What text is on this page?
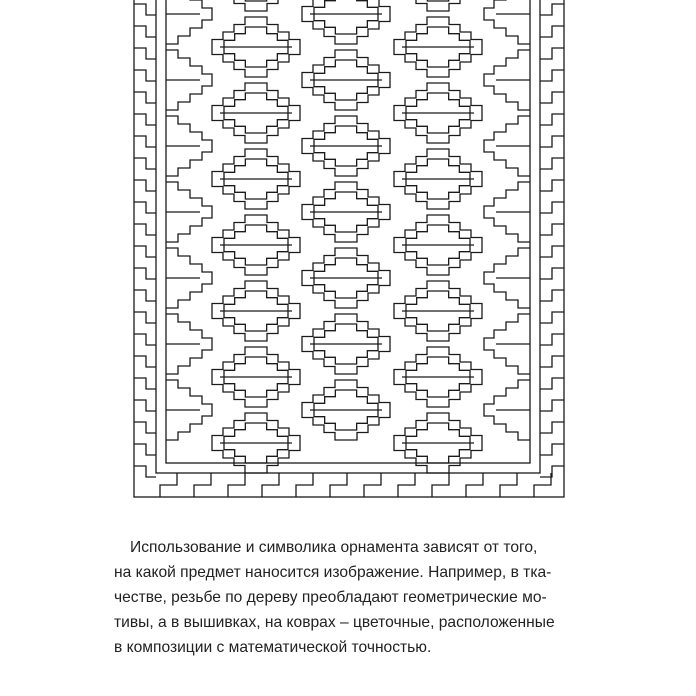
Использование и символика орнамента зависят от того,
на какой предмет наносится изображение. Например, в тка-
честве, резьбе по дереву преобладают геометрические мо-
тивы, а в вышивках, на коврах – цветочные, расположенные
в композиции с математической точностью.
